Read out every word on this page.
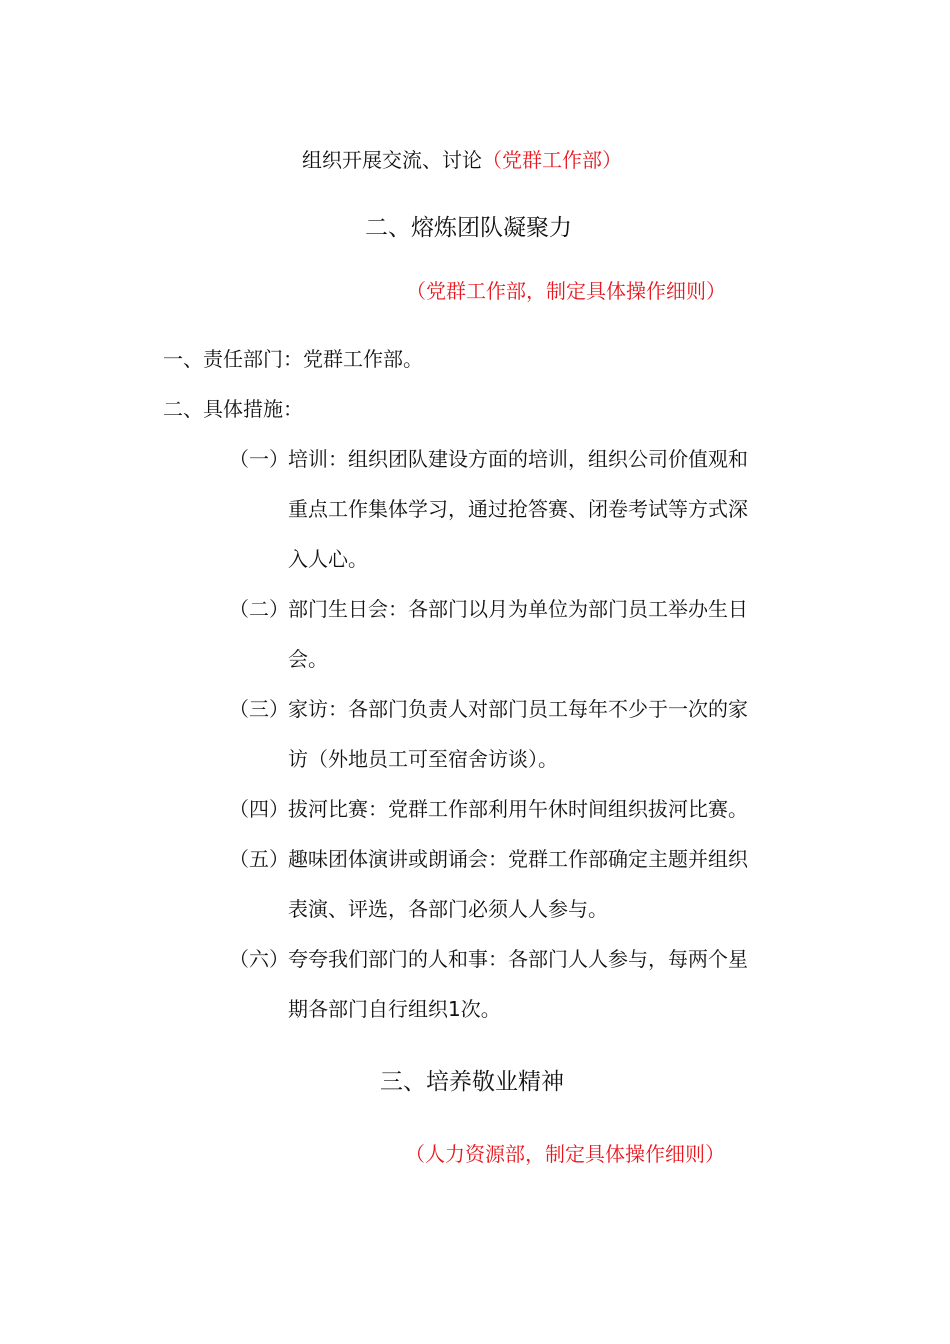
组织开展交流、讨论（党群工作部）
二、熔炼团队凝聚力
（党群工作部，制定具体操作细则）
一、责任部门：党群工作部。
二、具体措施：
（一） 培训：组织团队建设方面的培训，组织公司价值观和
重点工作集体学习，通过抢答赛、闭卷考试等方式深
入人心。
（二） 部门生日会：各部门以月为单位为部门员工举办生日
会。
（三） 家访：各部门负责人对部门员工每年不少于一次的家
访（外地员工可至宿舍访谈）。
（四） 拔河比赛：党群工作部利用午休时间组织拔河比赛。
（五） 趣味团体演讲或朗诵会：党群工作部确定主题并组织
表演、评选，各部门必须人人参与。
（六） 夸夸我们部门的人和事：各部门人人参与，每两个星
期各部门自行组织1次。
三、培养敬业精神
（人力资源部，制定具体操作细则）
